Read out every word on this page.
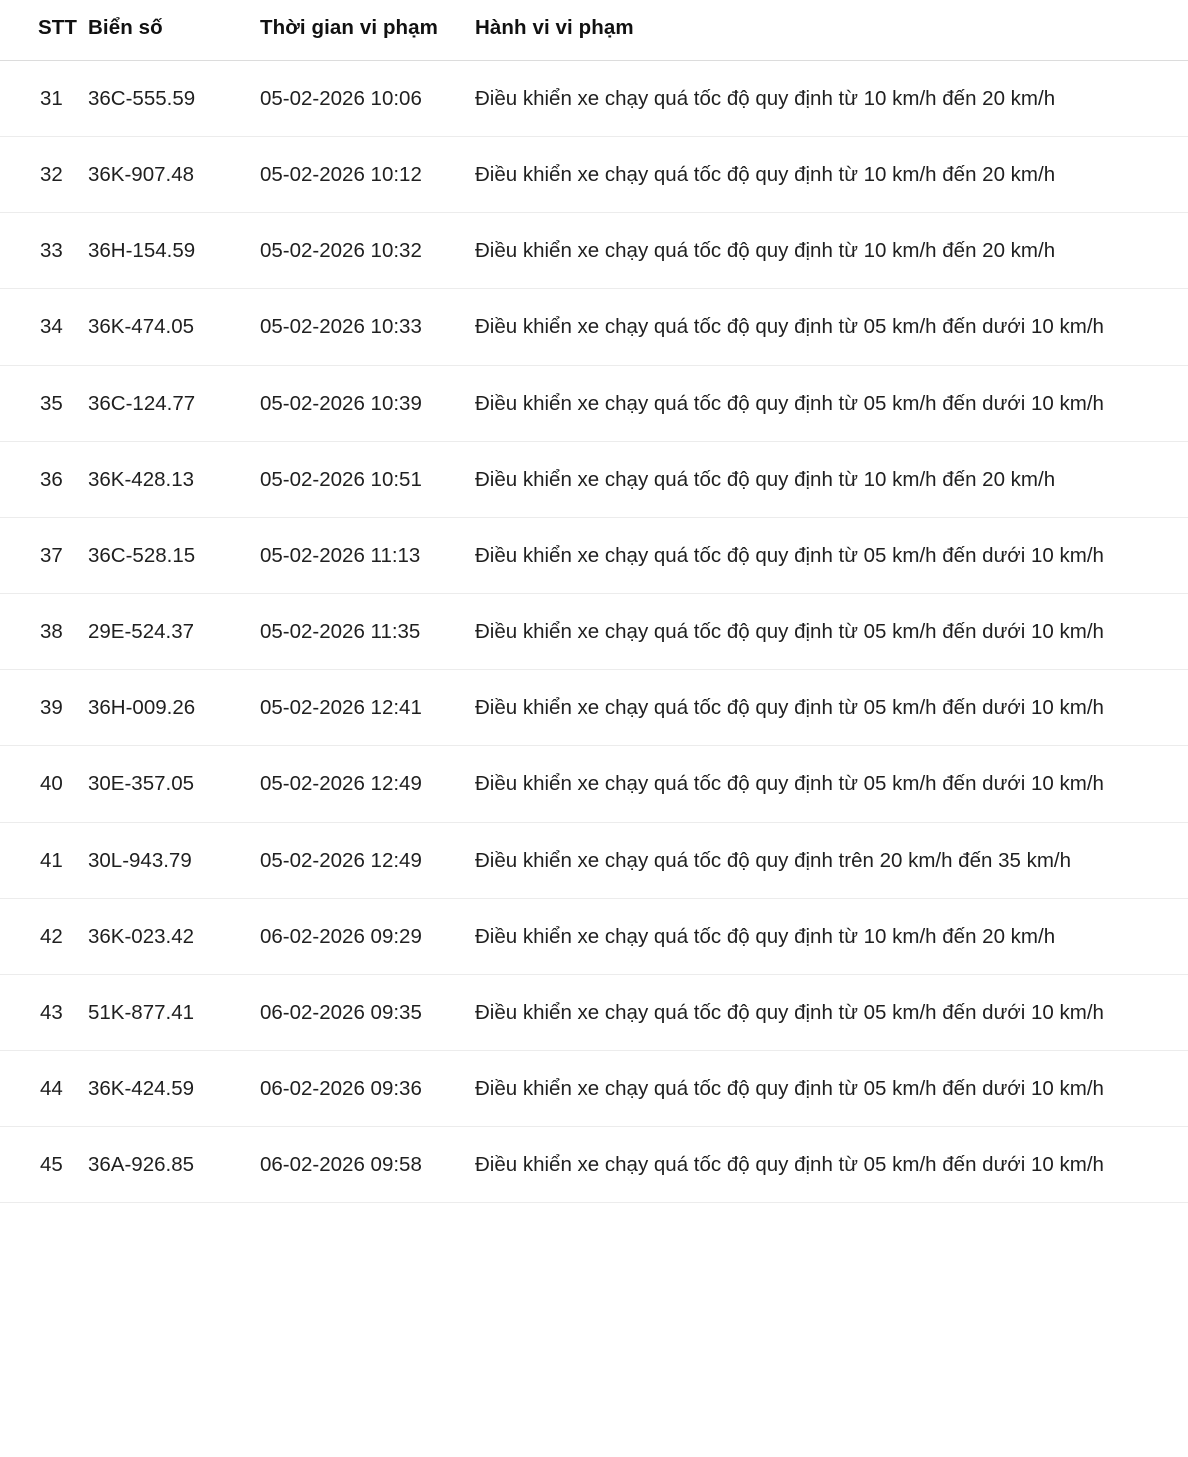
STT	Biển số	Thời gian vi phạm	Hành vi vi phạm
31	36C-555.59	05-02-2026 10:06	Điều khiển xe chạy quá tốc độ quy định từ 10 km/h đến 20 km/h
32	36K-907.48	05-02-2026 10:12	Điều khiển xe chạy quá tốc độ quy định từ 10 km/h đến 20 km/h
33	36H-154.59	05-02-2026 10:32	Điều khiển xe chạy quá tốc độ quy định từ 10 km/h đến 20 km/h
34	36K-474.05	05-02-2026 10:33	Điều khiển xe chạy quá tốc độ quy định từ 05 km/h đến dưới 10 km/h
35	36C-124.77	05-02-2026 10:39	Điều khiển xe chạy quá tốc độ quy định từ 05 km/h đến dưới 10 km/h
36	36K-428.13	05-02-2026 10:51	Điều khiển xe chạy quá tốc độ quy định từ 10 km/h đến 20 km/h
37	36C-528.15	05-02-2026 11:13	Điều khiển xe chạy quá tốc độ quy định từ 05 km/h đến dưới 10 km/h
38	29E-524.37	05-02-2026 11:35	Điều khiển xe chạy quá tốc độ quy định từ 05 km/h đến dưới 10 km/h
39	36H-009.26	05-02-2026 12:41	Điều khiển xe chạy quá tốc độ quy định từ 05 km/h đến dưới 10 km/h
40	30E-357.05	05-02-2026 12:49	Điều khiển xe chạy quá tốc độ quy định từ 05 km/h đến dưới 10 km/h
41	30L-943.79	05-02-2026 12:49	Điều khiển xe chạy quá tốc độ quy định trên 20 km/h đến 35 km/h
42	36K-023.42	06-02-2026 09:29	Điều khiển xe chạy quá tốc độ quy định từ 10 km/h đến 20 km/h
43	51K-877.41	06-02-2026 09:35	Điều khiển xe chạy quá tốc độ quy định từ 05 km/h đến dưới 10 km/h
44	36K-424.59	06-02-2026 09:36	Điều khiển xe chạy quá tốc độ quy định từ 05 km/h đến dưới 10 km/h
45	36A-926.85	06-02-2026 09:58	Điều khiển xe chạy quá tốc độ quy định từ 05 km/h đến dưới 10 km/h
